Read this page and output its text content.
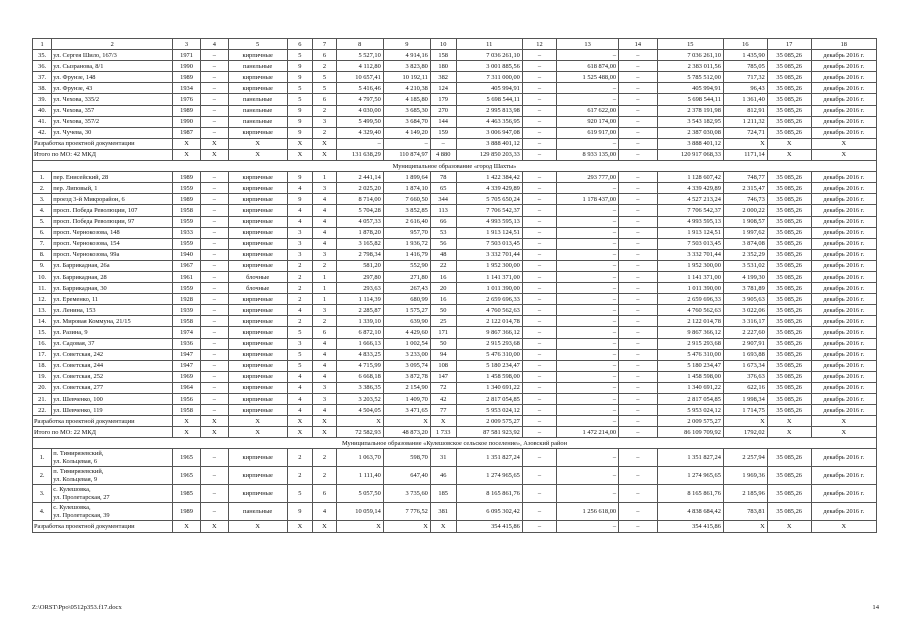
1	2	3	4	5	6	7	8	9	10	11	12	13	14	15	16	17	18
35.	ул. Сергея Шило, 167/3	1971	–	кирпичные	5	6	5 527,10	4 914,16	158	7 036 261,10	–	–	–	7 036 261,10	1 435,90	35 085,26	декабрь 2016 г.
36.	ул. Сызранова, 8/1	1990	–	панельные	9	2	4 112,80	3 823,80	180	3 001 885,56	–	618 874,00	–	2 383 011,56	785,05	35 085,26	декабрь 2016 г.
37.	ул. Фрунзе, 148	1989	–	кирпичные	9	5	10 657,41	10 192,11	382	7 311 000,00	–	1 525 488,00	–	5 785 512,00	717,32	35 085,26	декабрь 2016 г.
38.	ул. Фрунзе, 43	1934	–	кирпичные	5	5	5 416,46	4 210,38	124	405 994,91	–	–	–	405 994,91	96,43	35 085,26	декабрь 2016 г.
39.	ул. Чехова, 335/2	1976	–	панельные	5	6	4 797,50	4 185,80	179	5 698 544,11	–	–	–	5 698 544,11	1 361,40	35 085,26	декабрь 2016 г.
40.	ул. Чехова, 357	1989	–	панельные	9	2	4 030,00	3 685,30	270	2 995 813,98	–	617 622,00	–	2 378 191,98	812,91	35 085,26	декабрь 2016 г.
41.	ул. Чехова, 357/2	1990	–	панельные	9	3	5 499,50	3 684,70	144	4 463 356,95	–	920 174,00	–	3 543 182,95	1 211,32	35 085,26	декабрь 2016 г.
42.	ул. Чучева, 30	1987	–	кирпичные	9	2	4 329,40	4 149,20	159	3 006 947,08	–	619 917,00	–	2 387 030,08	724,71	35 085,26	декабрь 2016 г.
Разработка проектной документации		X	X	X	X	X	–	–	–	3 888 401,12	–	–	–	3 888 401,12	X	X	X
Итого по МО: 42 МКД		X	X	X	X	X	131 638,29	110 874,97	4 880	129 850 203,33	–	8 933 135,00	–	120 917 068,33	1171,14	X	X
Муниципальное образование «город Шахты»																	
1.	пер. Енисейский, 28	1989	–	кирпичные	9	1	2 441,14	1 899,64	78	1 422 384,42	–	293 777,00	–	1 128 607,42	748,77	35 085,26	декабрь 2016 г.
2.	пер. Липовый, 1	1959	–	кирпичные	4	3	2 025,20	1 874,10	65	4 339 429,89	–	–	–	4 339 429,89	2 315,47	35 085,26	декабрь 2016 г.
3.	проезд 3-й Микрорайон, 6	1989	–	кирпичные	9	4	8 714,00	7 660,50	344	5 705 650,24	–	1 178 437,00	–	4 527 213,24	746,73	35 085,26	декабрь 2016 г.
4.	просп. Победа Революции, 107	1958	–	кирпичные	4	4	5 704,28	3 852,85	113	7 706 542,37	–	–	–	7 706 542,37	2 000,22	35 085,26	декабрь 2016 г.
5.	просп. Победа Революции, 97	1959	–	кирпичные	4	4	4 057,33	2 616,40	66	4 993 595,13	–	–	–	4 993 595,13	1 908,57	35 085,26	декабрь 2016 г.
6.	просп. Чернокозова, 148	1933	–	кирпичные	3	4	1 878,20	957,70	53	1 913 124,51	–	–	–	1 913 124,51	1 997,62	35 085,26	декабрь 2016 г.
7.	просп. Чернокозова, 154	1959	–	кирпичные	3	4	3 165,82	1 936,72	56	7 503 013,45	–	–	–	7 503 013,45	3 874,08	35 085,26	декабрь 2016 г.
8.	просп. Чернокозова, 99а	1940	–	кирпичные	3	3	2 798,34	1 416,79	48	3 332 701,44	–	–	–	3 332 701,44	2 352,29	35 085,26	декабрь 2016 г.
9.	ул. Баррикадная, 26а	1967	–	кирпичные	2	2	581,20	552,90	22	1 952 300,00	–	–	–	1 952 300,00	3 531,02	35 085,26	декабрь 2016 г.
10.	ул. Баррикадная, 28	1961	–	блочные	2	1	297,80	271,80	16	1 141 371,00	–	–	–	1 141 371,00	4 199,30	35 085,26	декабрь 2016 г.
11.	ул. Баррикадная, 30	1959	–	блочные	2	1	293,63	267,43	20	1 011 390,00	–	–	–	1 011 390,00	3 781,89	35 085,26	декабрь 2016 г.
12.	ул. Еременко, 11	1928	–	кирпичные	2	1	1 114,39	680,99	16	2 659 696,33	–	–	–	2 659 696,33	3 905,63	35 085,26	декабрь 2016 г.
13.	ул. Ленина, 153	1939	–	кирпичные	4	3	2 285,87	1 575,27	50	4 760 562,63	–	–	–	4 760 562,63	3 022,06	35 085,26	декабрь 2016 г.
14.	ул. Мировая Коммуна, 21/15	1958	–	кирпичные	2	2	1 339,10	639,90	25	2 122 014,78	–	–	–	2 122 014,78	3 316,17	35 085,26	декабрь 2016 г.
15.	ул. Разина, 9	1974	–	кирпичные	5	6	6 872,10	4 429,60	171	9 867 366,12	–	–	–	9 867 366,12	2 227,60	35 085,26	декабрь 2016 г.
16.	ул. Садовая, 37	1936	–	кирпичные	3	4	1 666,13	1 002,54	50	2 915 293,68	–	–	–	2 915 293,68	2 907,91	35 085,26	декабрь 2016 г.
17.	ул. Советская, 242	1947	–	кирпичные	5	4	4 833,25	3 233,00	94	5 476 310,00	–	–	–	5 476 310,00	1 693,88	35 085,26	декабрь 2016 г.
18.	ул. Советская, 244	1947	–	кирпичные	5	4	4 715,99	3 095,74	108	5 180 234,47	–	–	–	5 180 234,47	1 673,34	35 085,26	декабрь 2016 г.
19.	ул. Советская, 252	1969	–	кирпичные	4	4	6 668,18	3 872,78	147	1 458 598,00	–	–	–	1 458 598,00	376,63	35 085,26	декабрь 2016 г.
20.	ул. Советская, 277	1964	–	кирпичные	4	3	3 386,35	2 154,90	72	1 340 691,22	–	–	–	1 340 691,22	622,16	35 085,26	декабрь 2016 г.
21.	ул. Шевченко, 100	1956	–	кирпичные	4	3	3 203,52	1 409,70	42	2 817 054,85	–	–	–	2 817 054,85	1 998,34	35 085,26	декабрь 2016 г.
22.	ул. Шевченко, 119	1958	–	кирпичные	4	4	4 504,05	3 471,65	77	5 953 024,12	–	–	–	5 953 024,12	1 714,75	35 085,26	декабрь 2016 г.
Разработка проектной документации		X	X	X	X	X	X	X	X	2 009 575,27	–	–	–	2 009 575,27	X	X	X
Итого по МО: 22 МКД		X	X	X	X	X	72 582,93	48 873,20	1 733	87 581 923,92	–	1 472 214,00	–	86 109 709,92	1792,02	X	X
Муниципальное образование «Кулешовское сельское поселение», Азовский район																	
1.	п. Тимирязевский,
ул. Кольцевая, 6	1965	–	кирпичные	2	2	1 063,70	598,70	31	1 351 827,24	–	–	–	1 351 827,24	2 257,94	35 085,26	декабрь 2016 г.
2.	п. Тимирязевский,
ул. Кольцевая, 9	1965	–	кирпичные	2	2	1 111,40	647,40	46	1 274 965,65	–	–	–	1 274 965,65	1 969,36	35 085,26	декабрь 2016 г.
3.	с. Кулешовка,
ул. Пролетарская, 27	1985	–	кирпичные	5	6	5 057,50	3 735,60	185	8 165 861,76	–	–	–	8 165 861,76	2 185,96	35 085,26	декабрь 2016 г.
4.	с. Кулешовка,
ул. Пролетарская, 39	1989	–	панельные	9	4	10 059,14	7 776,52	381	6 095 302,42	–	1 256 618,00	–	4 838 684,42	783,81	35 085,26	декабрь 2016 г.
Разработка проектной документации		X	X	X	X	X	X	X	X	354 415,86	–	–	–	354 415,86	X	X	X
Z:\ORST\Ppo\0512p353.f17.docx	14
